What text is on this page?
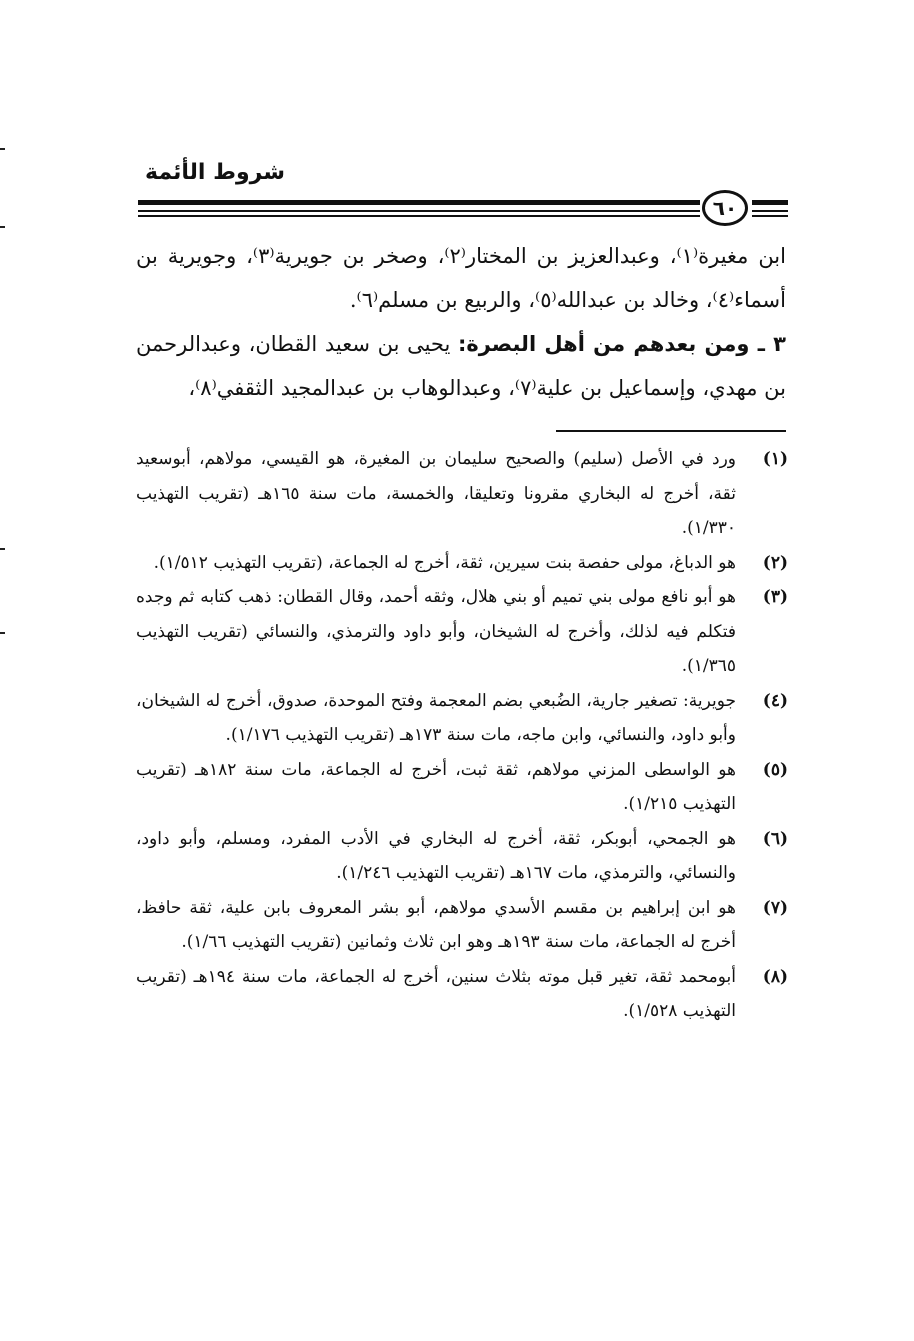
شروط الأئمة
٦٠

ابن مغيرة⁽١⁾، وعبدالعزيز بن المختار⁽٢⁾، وصخر بن جويرية⁽٣⁾، وجويرية بن أسماء⁽٤⁾، وخالد بن عبدالله⁽٥⁾، والربيع بن مسلم⁽٦⁾.

٣ ـ ومن بعدهم من أهل البصرة: يحيى بن سعيد القطان، وعبدالرحمن بن مهدي، وإسماعيل بن علية⁽٧⁾، وعبدالوهاب بن عبدالمجيد الثقفي⁽٨⁾،

(١)
ورد في الأصل (سليم) والصحيح سليمان بن المغيرة، هو القيسي، مولاهم، أبوسعيد ثقة، أخرج له البخاري مقرونا وتعليقا، والخمسة، مات سنة ١٦٥هـ (تقريب التهذيب ١/٣٣٠).
(٢)
هو الدباغ، مولى حفصة بنت سيرين، ثقة، أخرج له الجماعة، (تقريب التهذيب ١/٥١٢).
(٣)
هو أبو نافع مولى بني تميم أو بني هلال، وثقه أحمد، وقال القطان: ذهب كتابه ثم وجده فتكلم فيه لذلك، وأخرج له الشيخان، وأبو داود والترمذي، والنسائي (تقريب التهذيب ١/٣٦٥).
(٤)
جويرية: تصغير جارية، الضُبعي بضم المعجمة وفتح الموحدة، صدوق، أخرج له الشيخان، وأبو داود، والنسائي، وابن ماجه، مات سنة ١٧٣هـ (تقريب التهذيب ١/١٧٦).
(٥)
هو الواسطى المزني مولاهم، ثقة ثبت، أخرج له الجماعة، مات سنة ١٨٢هـ (تقريب التهذيب ١/٢١٥).
(٦)
هو الجمحي، أبوبكر، ثقة، أخرج له البخاري في الأدب المفرد، ومسلم، وأبو داود، والنسائي، والترمذي، مات ١٦٧هـ (تقريب التهذيب ١/٢٤٦).
(٧)
هو ابن إبراهيم بن مقسم الأسدي مولاهم، أبو بشر المعروف بابن علية، ثقة حافظ، أخرج له الجماعة، مات سنة ١٩٣هـ وهو ابن ثلاث وثمانين (تقريب التهذيب ١/٦٦).
(٨)
أبومحمد ثقة، تغير قبل موته بثلاث سنين، أخرج له الجماعة، مات سنة ١٩٤هـ (تقريب التهذيب ١/٥٢٨).
